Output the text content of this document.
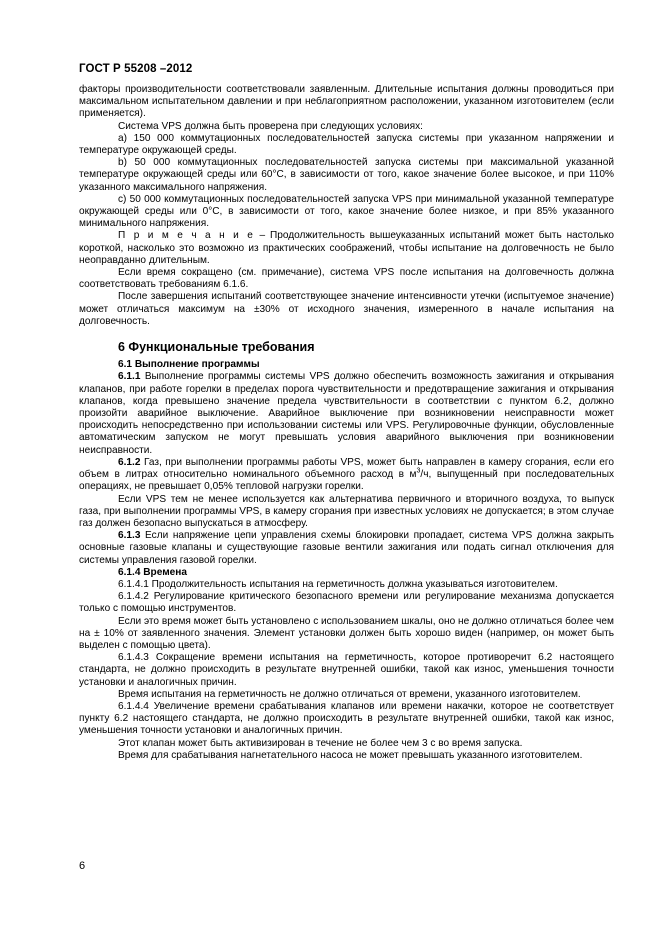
ГОСТ Р 55208 –2012

факторы производительности соответствовали заявленным. Длительные испытания должны проводиться при максимальном испытательном давлении и при неблагоприятном расположении, указанном изготовителем (если применяется).

Система VPS должна быть проверена при следующих условиях:

а) 150 000 коммутационных последовательностей запуска системы при указанном напряжении и температуре окружающей среды.

b) 50 000 коммутационных последовательностей запуска системы при максимальной указанной температуре окружающей среды или 60°C, в зависимости от того, какое значение более высокое, и при 110% указанного максимального напряжения.

c) 50 000 коммутационных последовательностей запуска VPS при минимальной указанной температуре окружающей среды или 0°C, в зависимости от того, какое значение более низкое, и при 85% указанного минимального напряжения.

П р и м е ч а н и е – Продолжительность вышеуказанных испытаний может быть настолько короткой, насколько это возможно из практических соображений, чтобы испытание на долговечность не было неоправданно длительным.

Если время сокращено (см. примечание), система VPS после испытания на долговечность должна соответствовать требованиям 6.1.6.

После завершения испытаний соответствующее значение интенсивности утечки (испытуемое значение) может отличаться максимум на ±30% от исходного значения, измеренного в начале испытания на долговечность.

6 Функциональные требования
6.1 Выполнение программы

6.1.1 Выполнение программы системы VPS должно обеспечить возможность зажигания и открывания клапанов, при работе горелки в пределах порога чувствительности и предотвращение зажигания и открывания клапанов, когда превышено значение предела чувствительности в соответствии с пунктом 6.2, должно произойти аварийное выключение. Аварийное выключение при возникновении неисправности может происходить непосредственно при использовании системы или VPS. Регулировочные функции, обусловленные автоматическим запуском не могут превышать условия аварийного выключения при возникновении неисправности.

6.1.2 Газ, при выполнении программы работы VPS, может быть направлен в камеру сгорания, если его объем в литрах относительно номинального объемного расход в $м^3/ч$, выпущенный при последовательных операциях, не превышает 0,05% тепловой нагрузки горелки.

Если VPS тем не менее используется как альтернатива первичного и вторичного воздуха, то выпуск газа, при выполнении программы VPS, в камеру сгорания при известных условиях не допускается; в этом случае газ должен безопасно выпускаться в атмосферу.

6.1.3 Если напряжение цепи управления схемы блокировки пропадает, система VPS должна закрыть основные газовые клапаны и существующие газовые вентили зажигания или подать сигнал отключения для системы управления газовой горелки.

6.1.4 Времена

6.1.4.1 Продолжительность испытания на герметичность должна указываться изготовителем.

6.1.4.2 Регулирование критического безопасного времени или регулирование механизма допускается только с помощью инструментов.

Если это время может быть установлено с использованием шкалы, оно не должно отличаться более чем на ± 10% от заявленного значения. Элемент установки должен быть хорошо виден (например, он может быть выделен с помощью цвета).

6.1.4.3 Сокращение времени испытания на герметичность, которое противоречит 6.2 настоящего стандарта, не должно происходить в результате внутренней ошибки, такой как износ, уменьшения точности установки и аналогичных причин.

Время испытания на герметичность не должно отличаться от времени, указанного изготовителем.

6.1.4.4 Увеличение времени срабатывания клапанов или времени накачки, которое не соответствует пункту 6.2 настоящего стандарта, не должно происходить в результате внутренней ошибки, такой как износ, уменьшения точности установки и аналогичных причин.

Этот клапан может быть активизирован в течение не более чем 3 с во время запуска.

Время для срабатывания нагнетательного насоса не может превышать указанного изготовителем.

6
